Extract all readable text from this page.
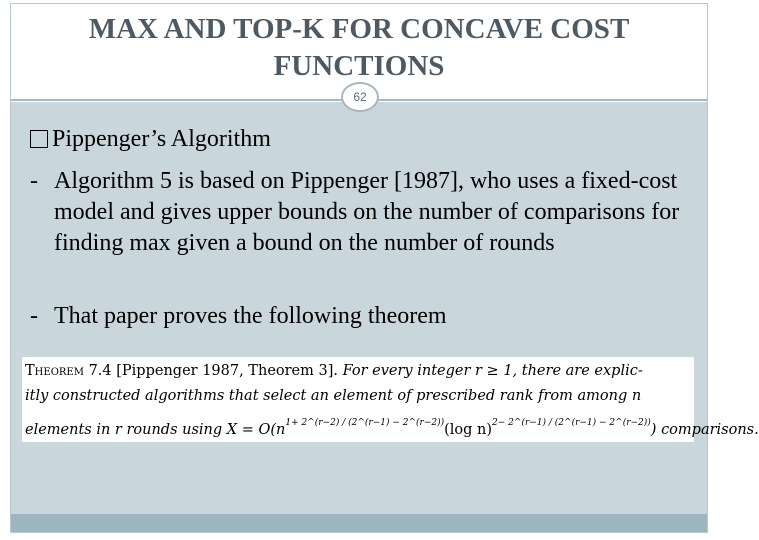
MAX AND TOP-K FOR CONCAVE COST FUNCTIONS
62
Pippenger’s Algorithm
- Algorithm 5 is based on Pippenger [1987], who uses a fixed-cost model and gives upper bounds on the number of comparisons for finding max given a bound on the number of rounds
- That paper proves the following theorem
Theorem 7.4 [Pippenger 1987, Theorem 3]. For every integer r ≥ 1, there are explic-
itly constructed algorithms that select an element of prescribed rank from among n
elements in r rounds using $X = O(n^{1+ 2\^{}(r-2) / (2\^{}(r-1) - 2\^{}(r-2))}(\log$ n)$^{2- 2\^{}(r-1) / (2\^{}(r-1) - 2\^{}(r-2))}$) comparisons.
